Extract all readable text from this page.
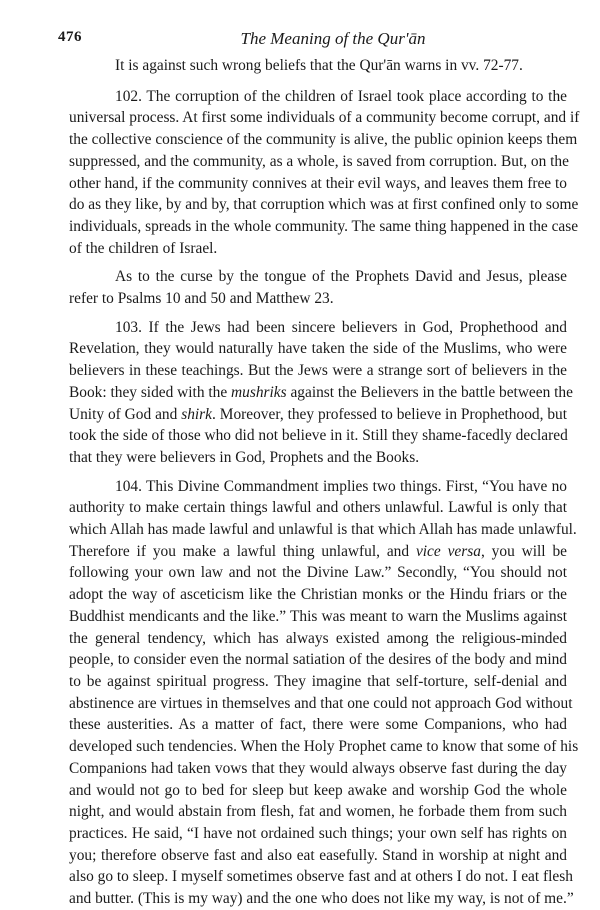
476	The Meaning of the Qur'ān
It is against such wrong beliefs that the Qur'ān warns in vv. 72-77.
102. The corruption of the children of Israel took place according to the
universal process. At first some individuals of a community become corrupt, and if
the collective conscience of the community is alive, the public opinion keeps them
suppressed, and the community, as a whole, is saved from corruption. But, on the
other hand, if the community connives at their evil ways, and leaves them free to
do as they like, by and by, that corruption which was at first confined only to some
individuals, spreads in the whole community. The same thing happened in the case
of the children of Israel.
As to the curse by the tongue of the Prophets David and Jesus, please
refer to Psalms 10 and 50 and Matthew 23.
103. If the Jews had been sincere believers in God, Prophethood and
Revelation, they would naturally have taken the side of the Muslims, who were
believers in these teachings. But the Jews were a strange sort of believers in the
Book: they sided with the mushriks against the Believers in the battle between the
Unity of God and shirk. Moreover, they professed to believe in Prophethood, but
took the side of those who did not believe in it. Still they shame-facedly declared
that they were believers in God, Prophets and the Books.
104. This Divine Commandment implies two things. First, “You have no
authority to make certain things lawful and others unlawful. Lawful is only that
which Allah has made lawful and unlawful is that which Allah has made unlawful.
Therefore if you make a lawful thing unlawful, and vice versa, you will be
following your own law and not the Divine Law.” Secondly, “You should not
adopt the way of asceticism like the Christian monks or the Hindu friars or the
Buddhist mendicants and the like.” This was meant to warn the Muslims against
the general tendency, which has always existed among the religious-minded
people, to consider even the normal satiation of the desires of the body and mind
to be against spiritual progress. They imagine that self-torture, self-denial and
abstinence are virtues in themselves and that one could not approach God without
these austerities. As a matter of fact, there were some Companions, who had
developed such tendencies. When the Holy Prophet came to know that some of his
Companions had taken vows that they would always observe fast during the day
and would not go to bed for sleep but keep awake and worship God the whole
night, and would abstain from flesh, fat and women, he forbade them from such
practices. He said, “I have not ordained such things; your own self has rights on
you; therefore observe fast and also eat easefully. Stand in worship at night and
also go to sleep. I myself sometimes observe fast and at others I do not. I eat flesh
and butter. (This is my way) and the one who does not like my way, is not of me.”
